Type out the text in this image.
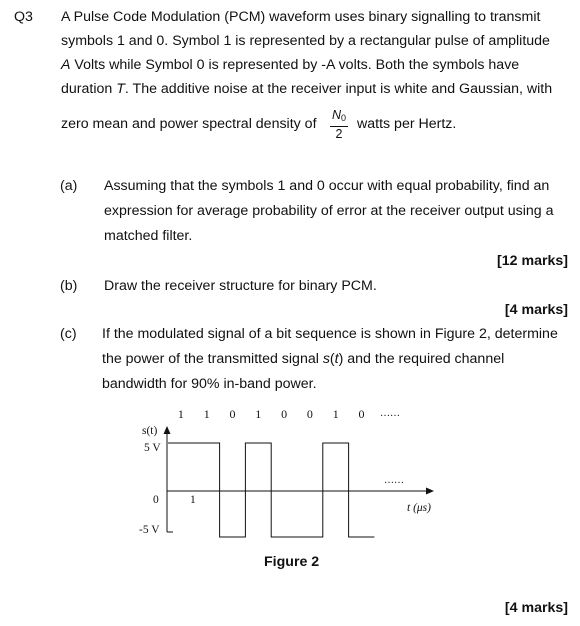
Q3 A Pulse Code Modulation (PCM) waveform uses binary signalling to transmit
symbols 1 and 0. Symbol 1 is represented by a rectangular pulse of amplitude
A Volts while Symbol 0 is represented by -A volts. Both the symbols have
duration T. The additive noise at the receiver input is white and Gaussian, with
zero mean and power spectral density of
$N_0$
2
watts per Hertz.
(a) Assuming that the symbols 1 and 0 occur with equal probability, find an
expression for average probability of error at the receiver output using a
matched filter.
[12 marks]
(b) Draw the receiver structure for binary PCM.
[4 marks]
(c) If the modulated signal of a bit sequence is shown in Figure 2, determine
the power of the transmitted signal s(t) and the required channel
bandwidth for 90% in-band power.
1 1 0 1 0 0 1 0 ……
s(t)
5 V
0
-5 V
1
t (μs)
……
Figure 2
[4 marks]
